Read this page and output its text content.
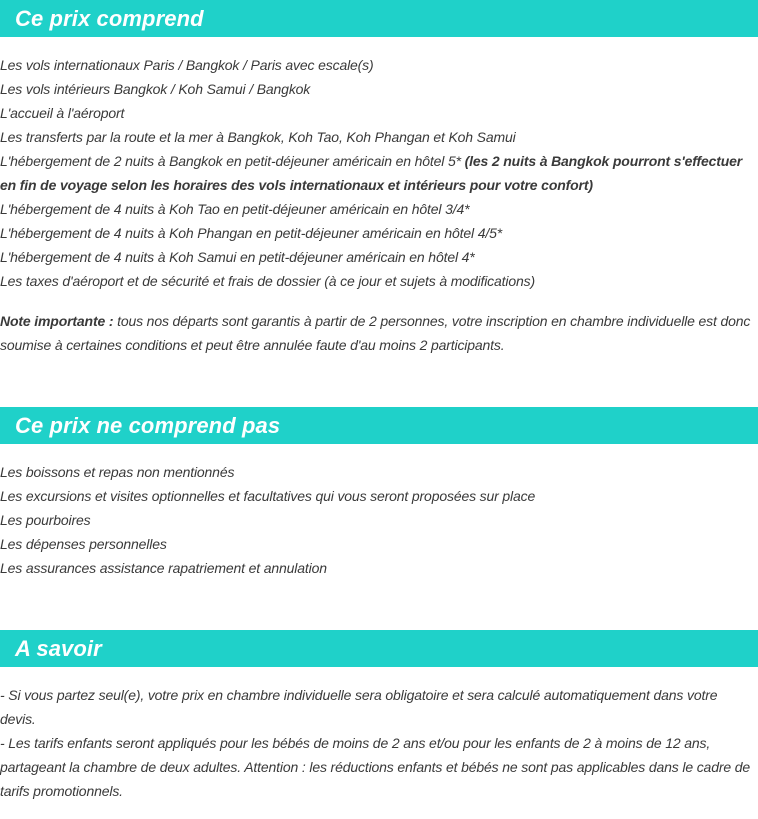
Ce prix comprend
Les vols internationaux Paris / Bangkok / Paris avec escale(s)
Les vols intérieurs Bangkok / Koh Samui / Bangkok
L'accueil à l'aéroport
Les transferts par la route et la mer à Bangkok, Koh Tao, Koh Phangan et Koh Samui
L'hébergement de 2 nuits à Bangkok en petit-déjeuner américain en hôtel 5* (les 2 nuits à Bangkok pourront s'effectuer en fin de voyage selon les horaires des vols internationaux et intérieurs pour votre confort)
L'hébergement de 4 nuits à Koh Tao en petit-déjeuner américain en hôtel 3/4*
L'hébergement de 4 nuits à Koh Phangan en petit-déjeuner américain en hôtel 4/5*
L'hébergement de 4 nuits à Koh Samui en petit-déjeuner américain en hôtel 4*
Les taxes d'aéroport et de sécurité et frais de dossier (à ce jour et sujets à modifications)

Note importante : tous nos départs sont garantis à partir de 2 personnes, votre inscription en chambre individuelle est donc soumise à certaines conditions et peut être annulée faute d'au moins 2 participants.

Ce prix ne comprend pas
Les boissons et repas non mentionnés
Les excursions et visites optionnelles et facultatives qui vous seront proposées sur place
Les pourboires
Les dépenses personnelles
Les assurances assistance rapatriement et annulation
A savoir

- Si vous partez seul(e), votre prix en chambre individuelle sera obligatoire et sera calculé automatiquement dans votre devis.

- Les tarifs enfants seront appliqués pour les bébés de moins de 2 ans et/ou pour les enfants de 2 à moins de 12 ans, partageant la chambre de deux adultes. Attention : les réductions enfants et bébés ne sont pas applicables dans le cadre de tarifs promotionnels.
